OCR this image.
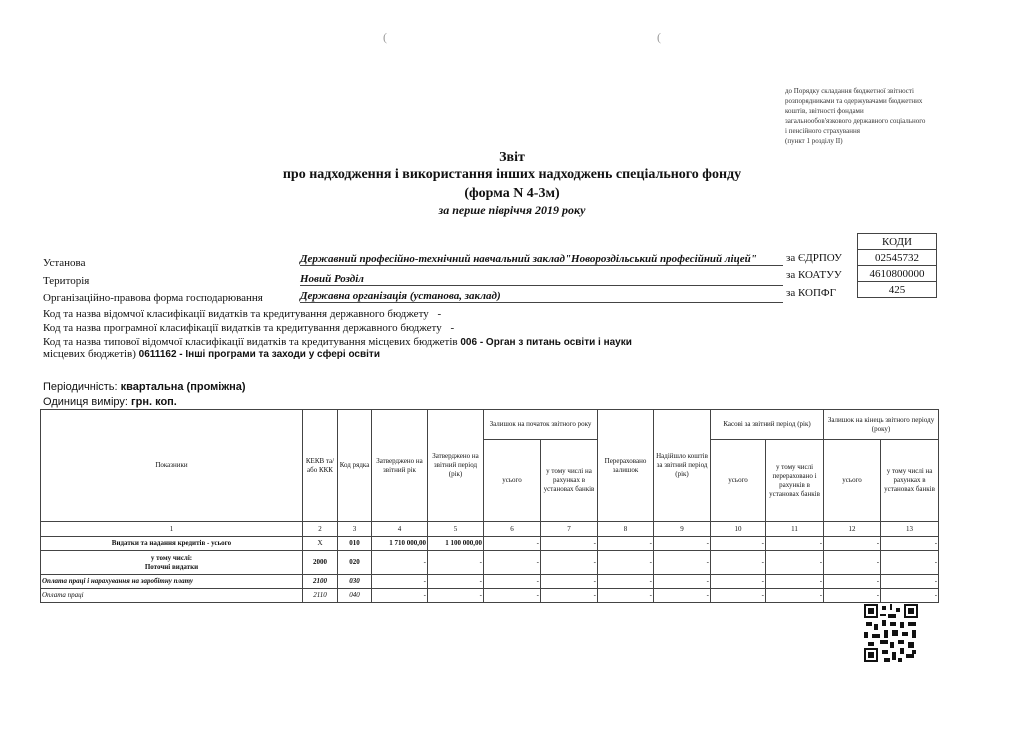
(	(
до Порядку складання бюджетної звітності
розпорядниками та одержувачами бюджетних
коштів, звітності фондами
загальнообов'язкового державного соціального
і пенсійного страхування
(пункт 1 розділу II)
Звіт
про надходження і використання інших надходжень спеціального фонду
(форма N 4-3м)
за перше півріччя 2019 року
КОДИ
02545732
4610800000
425
за ЄДРПОУ
за КОАТУУ
за КОПФГ
Установа	Державний професійно-технічний навчальний заклад"Новороздільський професійний ліцей"
Територія	Новий Розділ
Організаційно-правова форма господарювання	Державна організація (установа, заклад)
Код та назва відомчої класифікації видатків та кредитування державного бюджету -
Код та назва програмної класифікації видатків та кредитування державного бюджету -
Код та назва типової відомчої класифікації видатків та кредитування місцевих бюджетів 006 - Орган з питань освіти і науки
місцевих бюджетів) 0611162 - Інші програми та заходи у сфері освіти
Періодичність: квартальна (проміжна)
Одиниця виміру: грн. коп.
Показники	КЕКВ та/або ККК	Код рядка	Затверджено на звітний рік	Затверджено на звітний період (рік)	Залишок на початок звітного року		Перераховано залишок	Надійшло коштів за звітний період (рік)	Касові за звітний період (рік)		Залишок на кінець звітного періоду (року)	
					усього	у тому числі на рахунках в установах банків			усього	у тому числі перераховано і рахунків в установах банків	усього	у тому числі на рахунках в установах банків
1	2	3	4	5	6	7	8	9	10	11	12	13
Видатки та надання кредитів - усього	X	010	1 710 000,00	1 100 000,00	-	-	-	-	-	-	-	-

у тому числі:
Поточні видатки	2000	020	-	-	-	-	-	-	-	-	-	-
Оплата праці і нарахування на заробітну плату	2100	030	-	-	-	-	-	-	-	-	-	-
Оплата праці	2110	040	-	-	-	-	-	-	-	-	-	-
